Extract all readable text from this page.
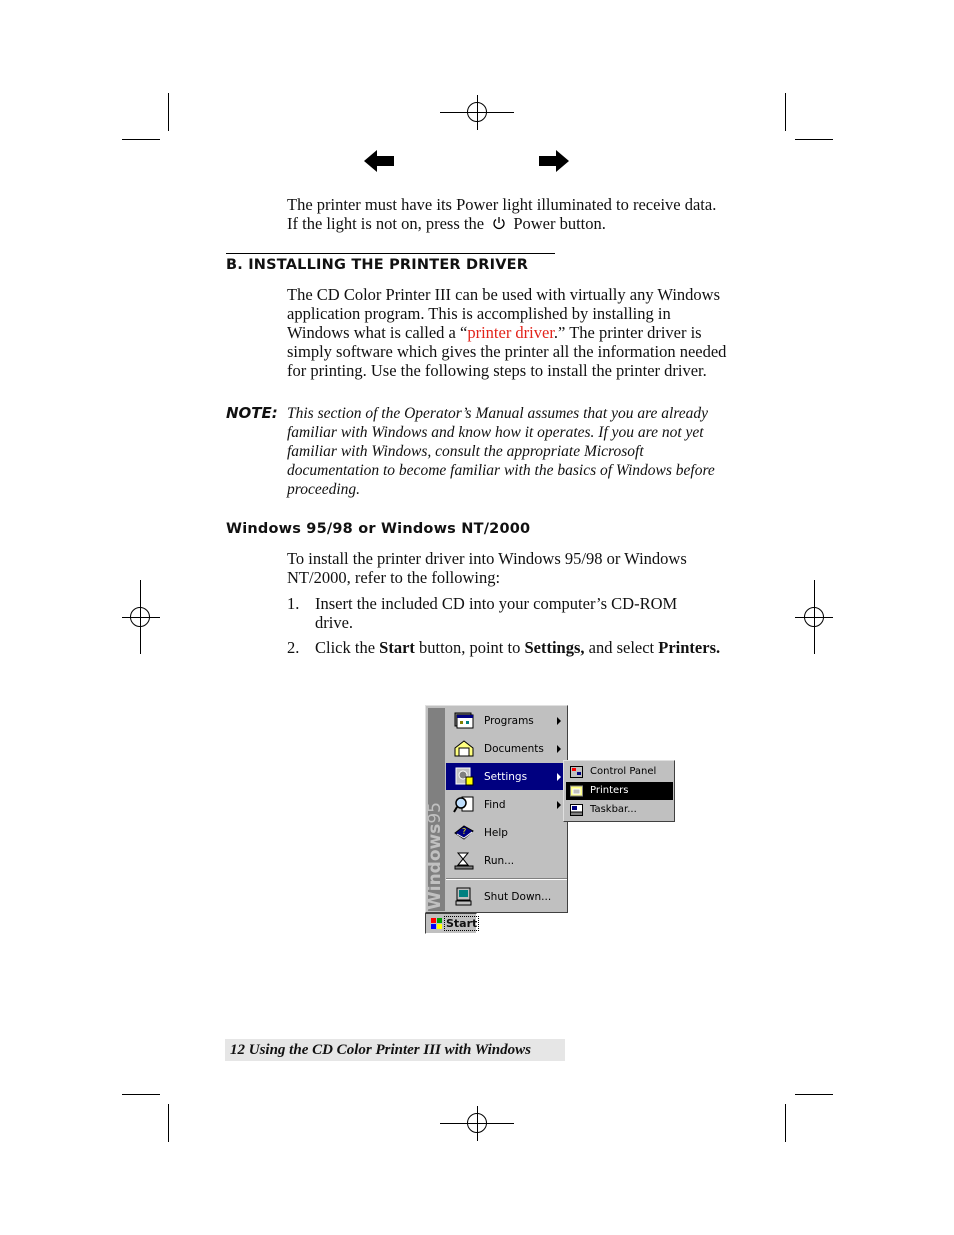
The printer must have its Power light illuminated to receive data.
If the light is not on, press the Power button.
B. INSTALLING THE PRINTER DRIVER
The CD Color Printer III can be used with virtually any Windows application program. This is accomplished by installing in Windows what is called a “printer driver.” The printer driver is simply software which gives the printer all the information needed for printing. Use the following steps to install the printer driver.
NOTE: This section of the Operator’s Manual assumes that you are already familiar with Windows and know how it operates. If you are not yet familiar with Windows, consult the appropriate Microsoft documentation to become familiar with the basics of Windows before proceeding.
Windows 95/98 or Windows NT/2000
To install the printer driver into Windows 95/98 or Windows NT/2000, refer to the following:
1. Insert the included CD into your computer’s CD-ROM drive.
2. Click the Start button, point to Settings, and select Printers.
Windows95
Programs
Documents
Settings
Find
? Help
Run...
Shut Down...
Control Panel
Printers
Taskbar...
Start
12 Using the CD Color Printer III with Windows
